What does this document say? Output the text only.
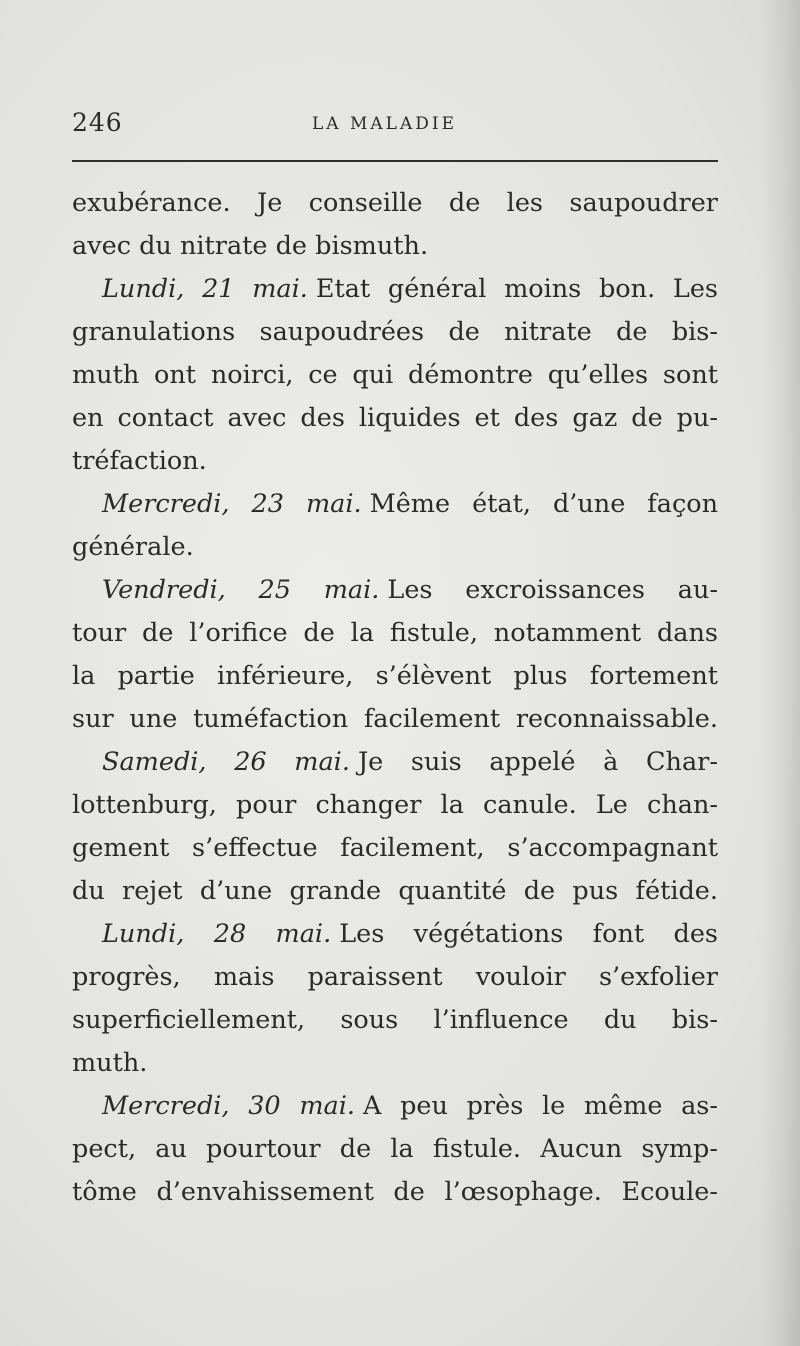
246	LA MALADIE
exubérance. Je conseille de les saupoudrer
avec du nitrate de bismuth.
Lundi, 21 mai. Etat général moins bon. Les
granulations saupoudrées de nitrate de bis-
muth ont noirci, ce qui démontre qu’elles sont
en contact avec des liquides et des gaz de pu-
tréfaction.
Mercredi, 23 mai. Même état, d’une façon
générale.
Vendredi, 25 mai. Les excroissances au-
tour de l’orifice de la fistule, notamment dans
la partie inférieure, s’élèvent plus fortement
sur une tuméfaction facilement reconnaissable.
Samedi, 26 mai. Je suis appelé à Char-
lottenburg, pour changer la canule. Le chan-
gement s’effectue facilement, s’accompagnant
du rejet d’une grande quantité de pus fétide.
Lundi, 28 mai. Les végétations font des
progrès, mais paraissent vouloir s’exfolier
superficiellement, sous l’influence du bis-
muth.
Mercredi, 30 mai. A peu près le même as-
pect, au pourtour de la fistule. Aucun symp-
tôme d’envahissement de l’œsophage. Ecoule-
